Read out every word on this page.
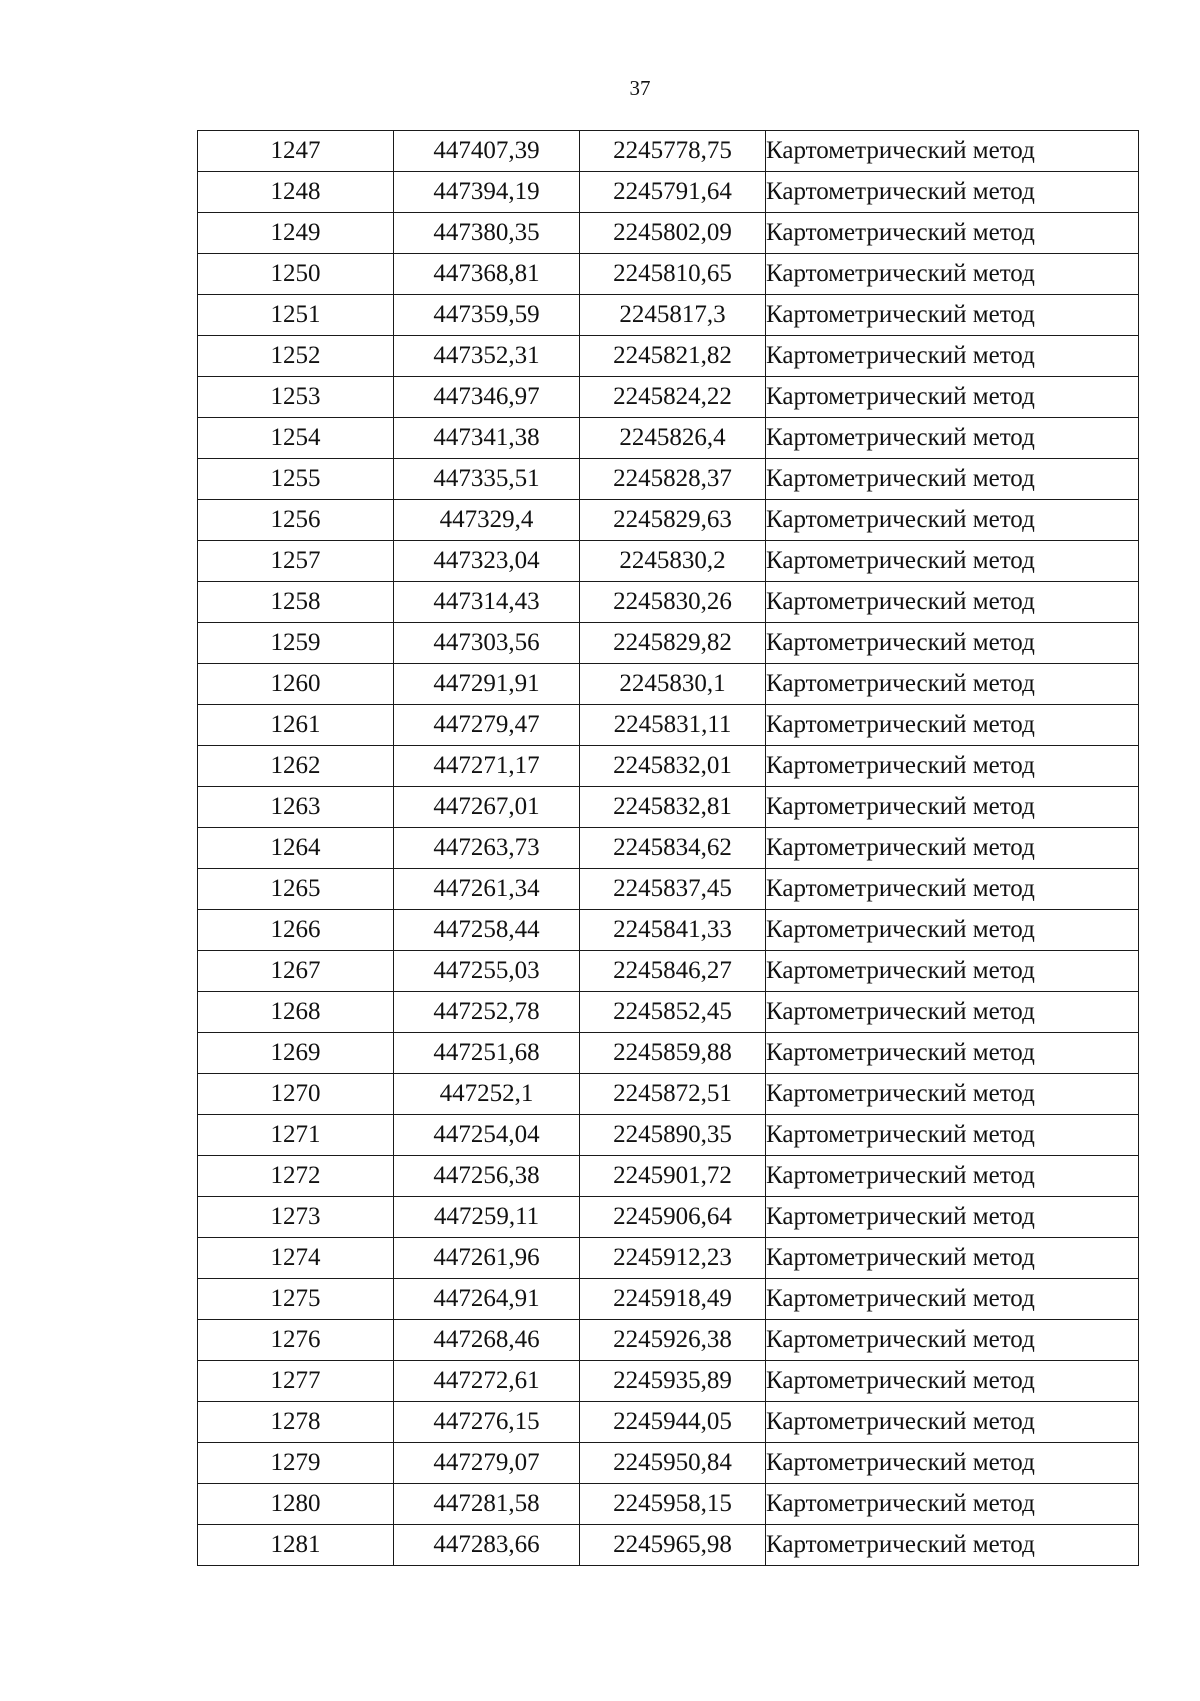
37
1247	447407,39	2245778,75	Картометрический метод
1248	447394,19	2245791,64	Картометрический метод
1249	447380,35	2245802,09	Картометрический метод
1250	447368,81	2245810,65	Картометрический метод
1251	447359,59	2245817,3	Картометрический метод
1252	447352,31	2245821,82	Картометрический метод
1253	447346,97	2245824,22	Картометрический метод
1254	447341,38	2245826,4	Картометрический метод
1255	447335,51	2245828,37	Картометрический метод
1256	447329,4	2245829,63	Картометрический метод
1257	447323,04	2245830,2	Картометрический метод
1258	447314,43	2245830,26	Картометрический метод
1259	447303,56	2245829,82	Картометрический метод
1260	447291,91	2245830,1	Картометрический метод
1261	447279,47	2245831,11	Картометрический метод
1262	447271,17	2245832,01	Картометрический метод
1263	447267,01	2245832,81	Картометрический метод
1264	447263,73	2245834,62	Картометрический метод
1265	447261,34	2245837,45	Картометрический метод
1266	447258,44	2245841,33	Картометрический метод
1267	447255,03	2245846,27	Картометрический метод
1268	447252,78	2245852,45	Картометрический метод
1269	447251,68	2245859,88	Картометрический метод
1270	447252,1	2245872,51	Картометрический метод
1271	447254,04	2245890,35	Картометрический метод
1272	447256,38	2245901,72	Картометрический метод
1273	447259,11	2245906,64	Картометрический метод
1274	447261,96	2245912,23	Картометрический метод
1275	447264,91	2245918,49	Картометрический метод
1276	447268,46	2245926,38	Картометрический метод
1277	447272,61	2245935,89	Картометрический метод
1278	447276,15	2245944,05	Картометрический метод
1279	447279,07	2245950,84	Картометрический метод
1280	447281,58	2245958,15	Картометрический метод
1281	447283,66	2245965,98	Картометрический метод
